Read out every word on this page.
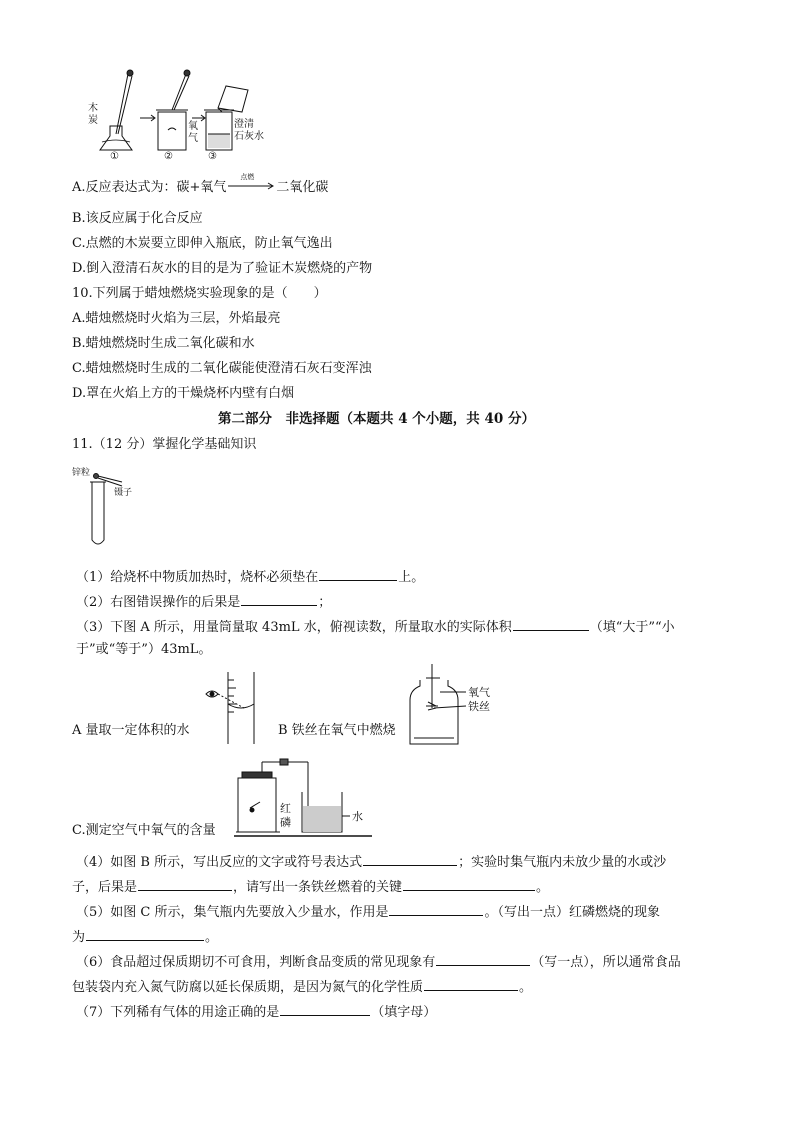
木
炭
氧
气
澄清
石灰水
①	②	③
A.反应表达式为：碳+氧气
点燃
二氧化碳
B.该反应属于化合反应
C.点燃的木炭要立即伸入瓶底，防止氧气逸出
D.倒入澄清石灰水的目的是为了验证木炭燃烧的产物
10.下列属于蜡烛燃烧实验现象的是（　　）
A.蜡烛燃烧时火焰为三层，外焰最亮
B.蜡烛燃烧时生成二氧化碳和水
C.蜡烛燃烧时生成的二氧化碳能使澄清石灰石变浑浊
D.罩在火焰上方的干燥烧杯内壁有白烟
第二部分　非选择题（本题共 4 个小题，共 40 分）
11.（12 分）掌握化学基础知识
锌粒
镊子
（1）给烧杯中物质加热时，烧杯必须垫在	上。
（2）右图错误操作的后果是	；
（3）下图 A 所示，用量筒量取 43mL 水，俯视读数，所量取水的实际体积	（填“大于”“小
于”或“等于”）43mL。
A 量取一定体积的水
氧气
铁丝
B 铁丝在氧气中燃烧
红
磷	水
C.测定空气中氧气的含量
（4）如图 B 所示，写出反应的文字或符号表达式	；实验时集气瓶内未放少量的水或沙
子，后果是	，请写出一条铁丝燃着的关键	。
（5）如图 C 所示，集气瓶内先要放入少量水，作用是	。（写出一点）红磷燃烧的现象
为	。
（6）食品超过保质期切不可食用，判断食品变质的常见现象有	（写一点），所以通常食品
包装袋内充入氮气防腐以延长保质期，是因为氮气的化学性质	。
（7）下列稀有气体的用途正确的是	（填字母）
